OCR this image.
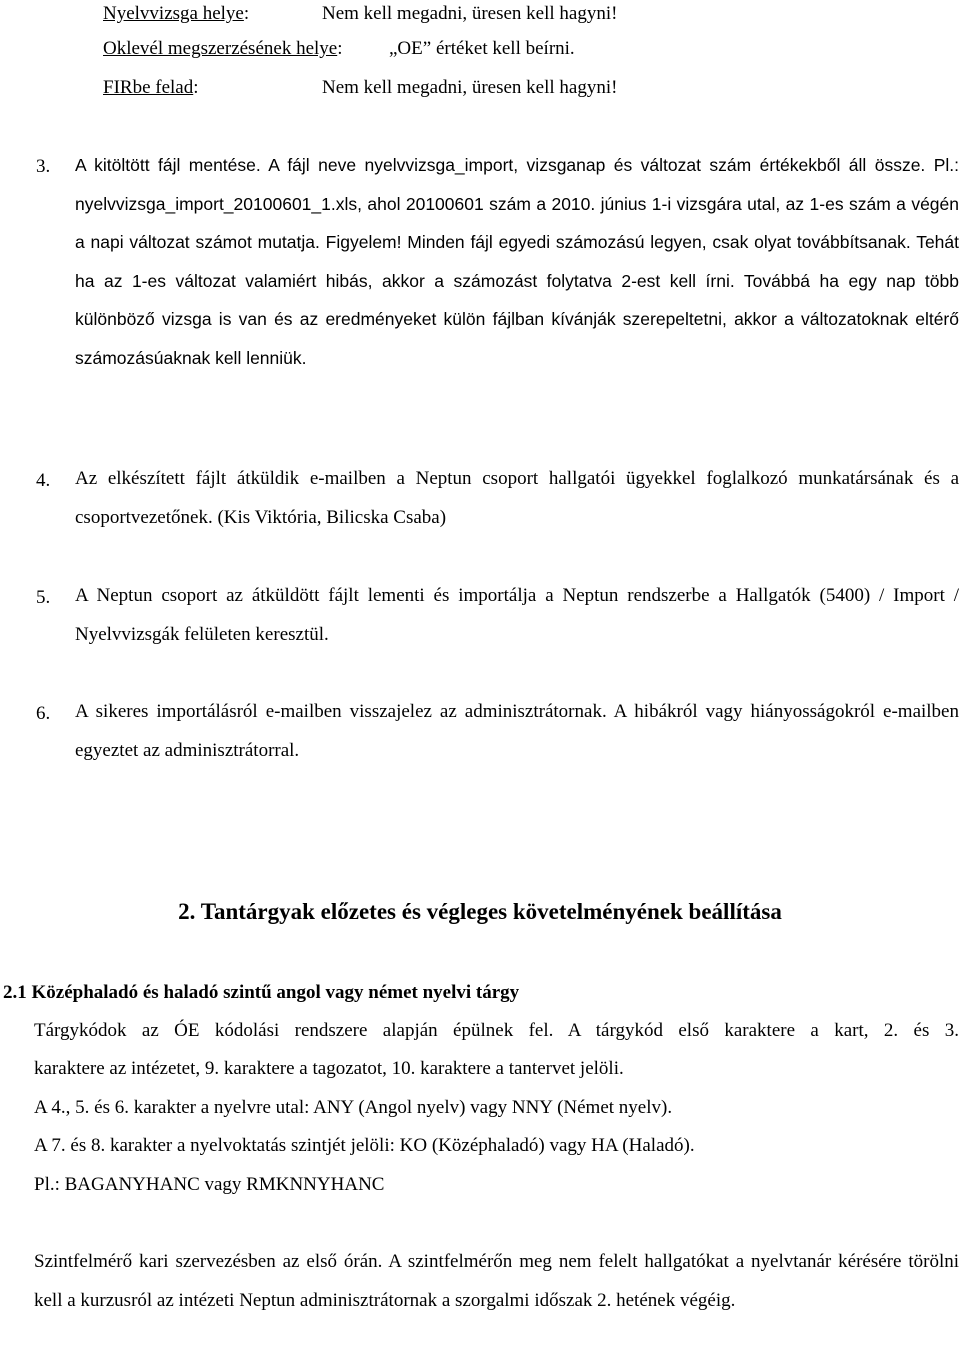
Nyelvvizsga helye:	Nem kell megadni, üresen kell hagyni!
Oklevél megszerzésének helye: „OE” értéket kell beírni.
FIRbe felad:	Nem kell megadni, üresen kell hagyni!
3. A kitöltött fájl mentése. A fájl neve nyelvvizsga_import, vizsganap és változat szám értékekből áll össze. Pl.: nyelvvizsga_import_20100601_1.xls, ahol 20100601 szám a 2010. június 1-i vizsgára utal, az 1-es szám a végén a napi változat számot mutatja. Figyelem! Minden fájl egyedi számozású legyen, csak olyat továbbítsanak. Tehát ha az 1-es változat valamiért hibás, akkor a számozást folytatva 2-est kell írni. Továbbá ha egy nap több különböző vizsga is van és az eredményeket külön fájlban kívánják szerepeltetni, akkor a változatoknak eltérő számozásúaknak kell lenniük.
4. Az elkészített fájlt átküldik e-mailben a Neptun csoport hallgatói ügyekkel foglalkozó munkatársának és a csoportvezetőnek. (Kis Viktória, Bilicska Csaba)
5. A Neptun csoport az átküldött fájlt lementi és importálja a Neptun rendszerbe a Hallgatók (5400) / Import / Nyelvvizsgák felületen keresztül.
6. A sikeres importálásról e-mailben visszajelez az adminisztrátornak. A hibákról vagy hiányosságokról e-mailben egyeztet az adminisztrátorral.
2. Tantárgyak előzetes és végleges követelményének beállítása
2.1 Középhaladó és haladó szintű angol vagy német nyelvi tárgy
Tárgykódok az ÓE kódolási rendszere alapján épülnek fel. A tárgykód első karaktere a kart, 2. és 3.
karaktere az intézetet, 9. karaktere a tagozatot, 10. karaktere a tantervet jelöli.
A 4., 5. és 6. karakter a nyelvre utal: ANY (Angol nyelv) vagy NNY (Német nyelv).
A 7. és 8. karakter a nyelvoktatás szintjét jelöli: KO (Középhaladó) vagy HA (Haladó).
Pl.: BAGANYHANC vagy RMKNNYHANC
Szintfelmérő kari szervezésben az első órán. A szintfelmérőn meg nem felelt hallgatókat a nyelvtanár kérésére törölni kell a kurzusról az intézeti Neptun adminisztrátornak a szorgalmi időszak 2. hetének végéig.
